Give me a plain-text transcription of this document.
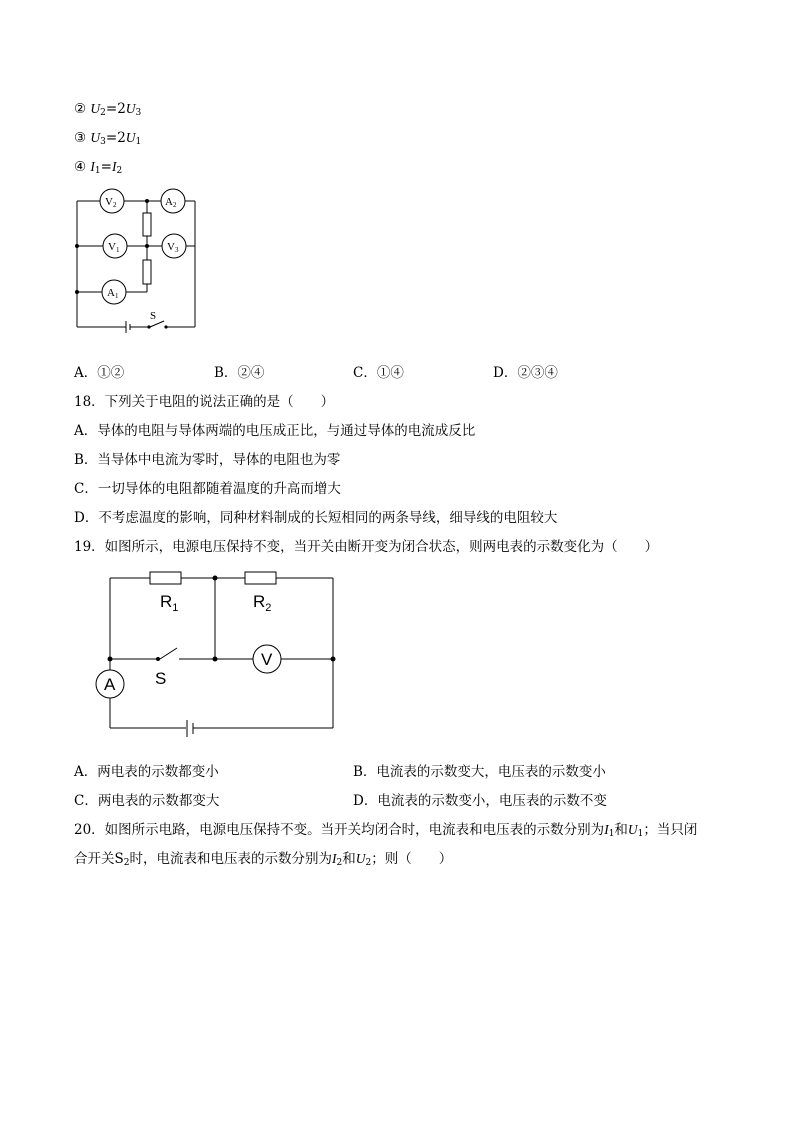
② $U_2=2U_3$
③ $U_3=2U_1$
④ $I_1=I_2$
V2	A2
V1	V3
A1
S
A．①②	B．②④	C．①④	D．②③④
18．下列关于电阻的说法正确的是（　　）
A．导体的电阻与导体两端的电压成正比，与通过导体的电流成反比
B．当导体中电流为零时，导体的电阻也为零
C．一切导体的电阻都随着温度的升高而增大
D．不考虑温度的影响，同种材料制成的长短相同的两条导线，细导线的电阻较大
19．如图所示，电源电压保持不变，当开关由断开变为闭合状态，则两电表的示数变化为（　　）
$R_1$	$R_2$
S
V
A
A．两电表的示数都变小	B．电流表的示数变大，电压表的示数变小
C．两电表的示数都变大	D．电流表的示数变小，电压表的示数不变
20．如图所示电路，电源电压保持不变。当开关均闭合时，电流表和电压表的示数分别为$I_1$和$U_1$；当只闭
合开关$S_2$时，电流表和电压表的示数分别为$I_2$和$U_2$；则（　　）
